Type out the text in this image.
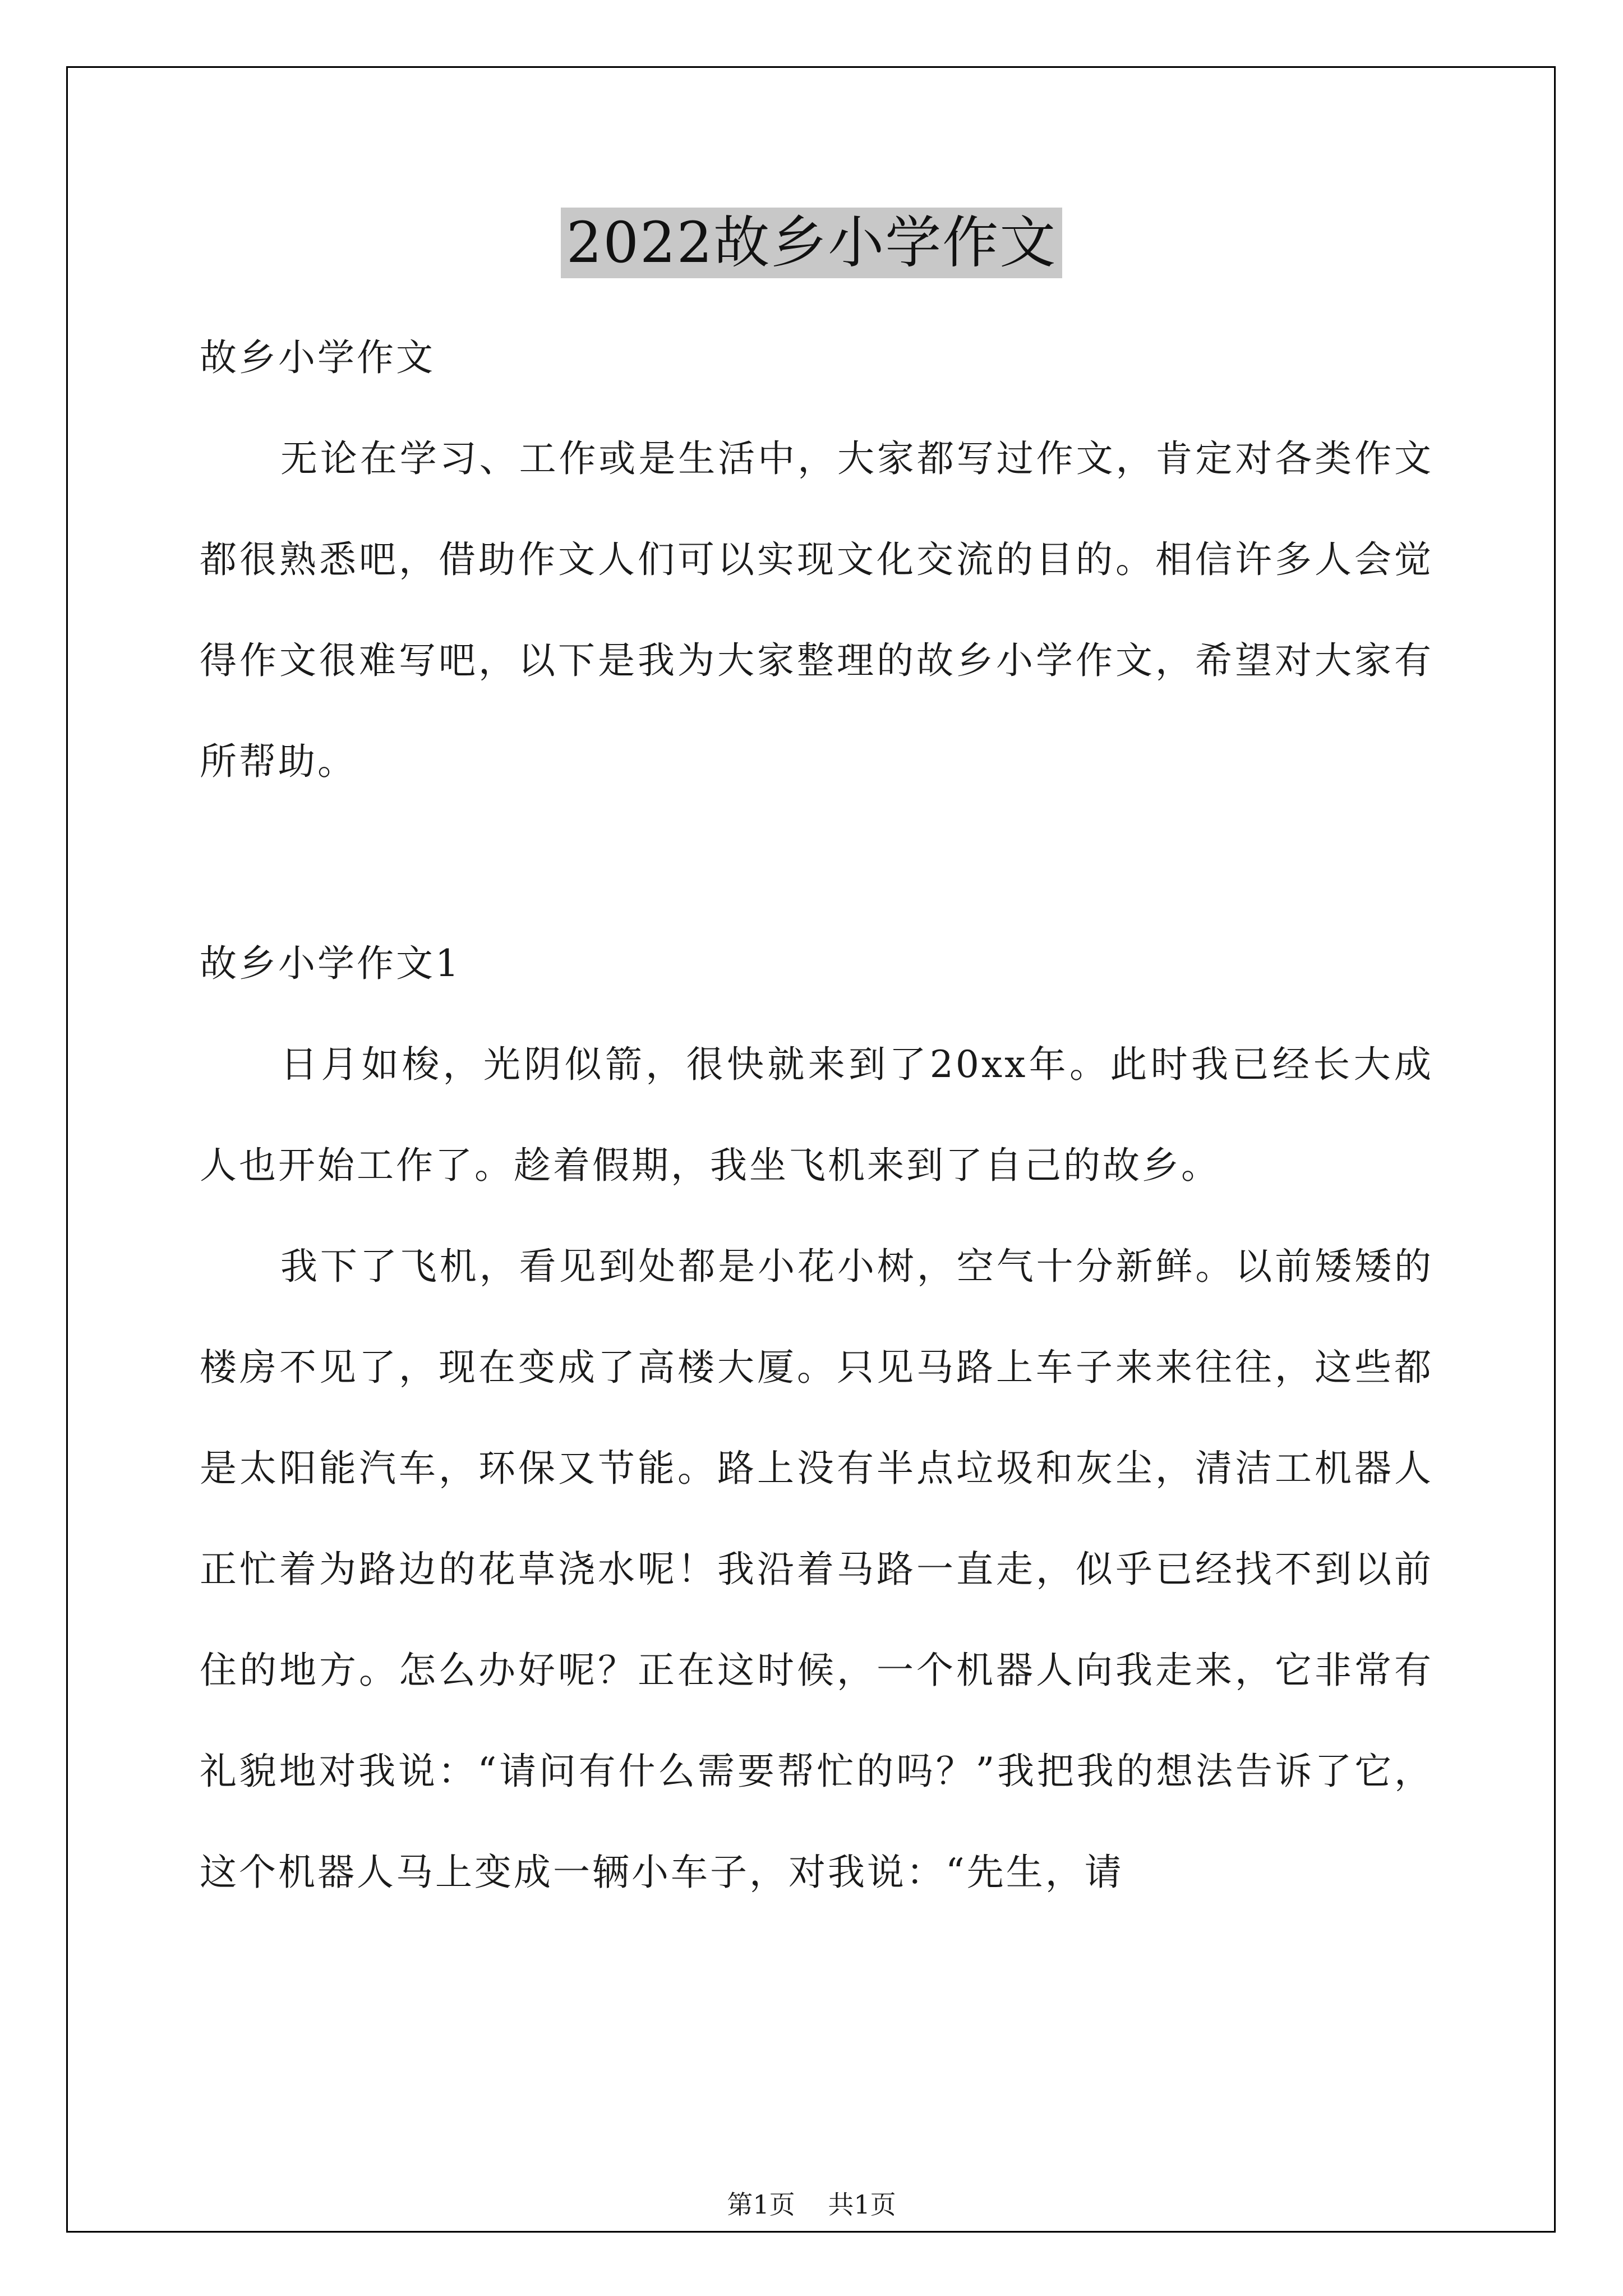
2022故乡小学作文

故乡小学作文

无论在学习、工作或是生活中，大家都写过作文，肯定对各类作文都很熟悉吧，借助作文人们可以实现文化交流的目的。相信许多人会觉得作文很难写吧，以下是我为大家整理的故乡小学作文，希望对大家有所帮助。

故乡小学作文1

日月如梭，光阴似箭，很快就来到了20xx年。此时我已经长大成人也开始工作了。趁着假期，我坐飞机来到了自己的故乡。

我下了飞机，看见到处都是小花小树，空气十分新鲜。以前矮矮的楼房不见了，现在变成了高楼大厦。只见马路上车子来来往往，这些都是太阳能汽车，环保又节能。路上没有半点垃圾和灰尘，清洁工机器人正忙着为路边的花草浇水呢！我沿着马路一直走，似乎已经找不到以前住的地方。怎么办好呢？正在这时候，一个机器人向我走来，它非常有礼貌地对我说：“请问有什么需要帮忙的吗？”我把我的想法告诉了它，这个机器人马上变成一辆小车子，对我说：“先生，请

第1页 共1页
